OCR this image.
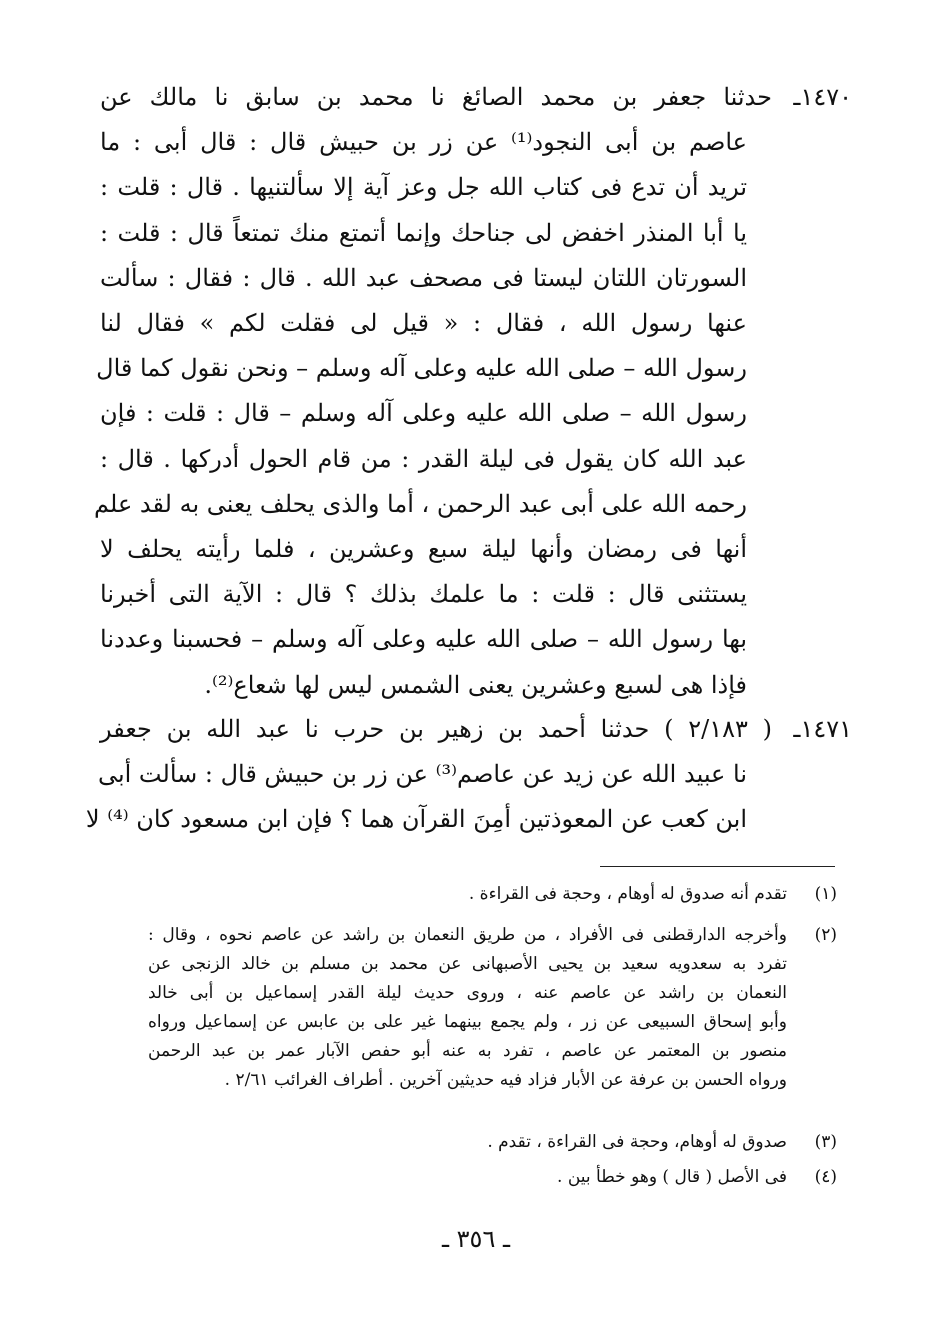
ـ ٣٥٦ ـ
حدثنا جعفر بن محمد الصائغ نا محمد بن سابق نا مالك عن
عاصم بن أبى النجود⁽¹⁾ عن زر بن حبيش قال : قال أبى : ما
تريد أن تدع فى كتاب الله جل وعز آية إلا سألتنيها . قال : قلت :
يا أبا المنذر اخفض لى جناحك وإنما أتمتع منك تمتعاً قال : قلت :
السورتان اللتان ليستا فى مصحف عبد الله . قال : فقال : سألت
عنها رسول الله ، فقال : « قيل لى فقلت لكم » فقال لنا
رسول الله – صلى الله عليه وعلى آله وسلم – ونحن نقول كما قال
رسول الله – صلى الله عليه وعلى آله وسلم – قال : قلت : فإن
عبد الله كان يقول فى ليلة القدر : من قام الحول أدركها . قال :
رحمه الله على أبى عبد الرحمن ، أما والذى يحلف يعنى به لقد علم
أنها فى رمضان وأنها ليلة سبع وعشرين ، فلما رأيته يحلف لا
يستثنى قال : قلت : ما علمك بذلك ؟ قال : الآية التى أخبرنا
بها رسول الله – صلى الله عليه وعلى آله وسلم – فحسبنا وعددنا
فإذا هى لسبع وعشرين يعنى الشمس ليس لها شعاع⁽²⁾.
١٤٧٠ـ
( ٢/١٨٣ ) حدثنا أحمد بن زهير بن حرب نا عبد الله بن جعفر
نا عبيد الله عن زيد عن عاصم⁽³⁾ عن زر بن حبيش قال : سألت أبى
ابن كعب عن المعوذتين أمِنَ القرآن هما ؟ فإن ابن مسعود كان ⁽⁴⁾ لا
١٤٧١ـ
(١)
تقدم أنه صدوق له أوهام ، وحجة فى القراءة .
(٢)
وأخرجه الدارقطنى فى الأفراد ، من طريق النعمان بن راشد عن عاصم نحوه ، وقال :
تفرد به سعدويه سعيد بن يحيى الأصبهانى عن محمد بن مسلم بن خالد الزنجى عن
النعمان بن راشد عن عاصم عنه ، وروى حديث ليلة القدر إسماعيل بن أبى خالد
وأبو إسحاق السبيعى عن زر ، ولم يجمع بينهما غير على بن عابس عن إسماعيل ورواه
منصور بن المعتمر عن عاصم ، تفرد به عنه أبو حفص الآبار عمر بن عبد الرحمن
ورواه الحسن بن عرفة عن الأبار فزاد فيه حديثين آخرين . أطراف الغرائب ٢/٦١ .
(٣)
صدوق له أوهام، وحجة فى القراءة ، تقدم .
(٤)
فى الأصل ( قال ) وهو خطأ بين .
